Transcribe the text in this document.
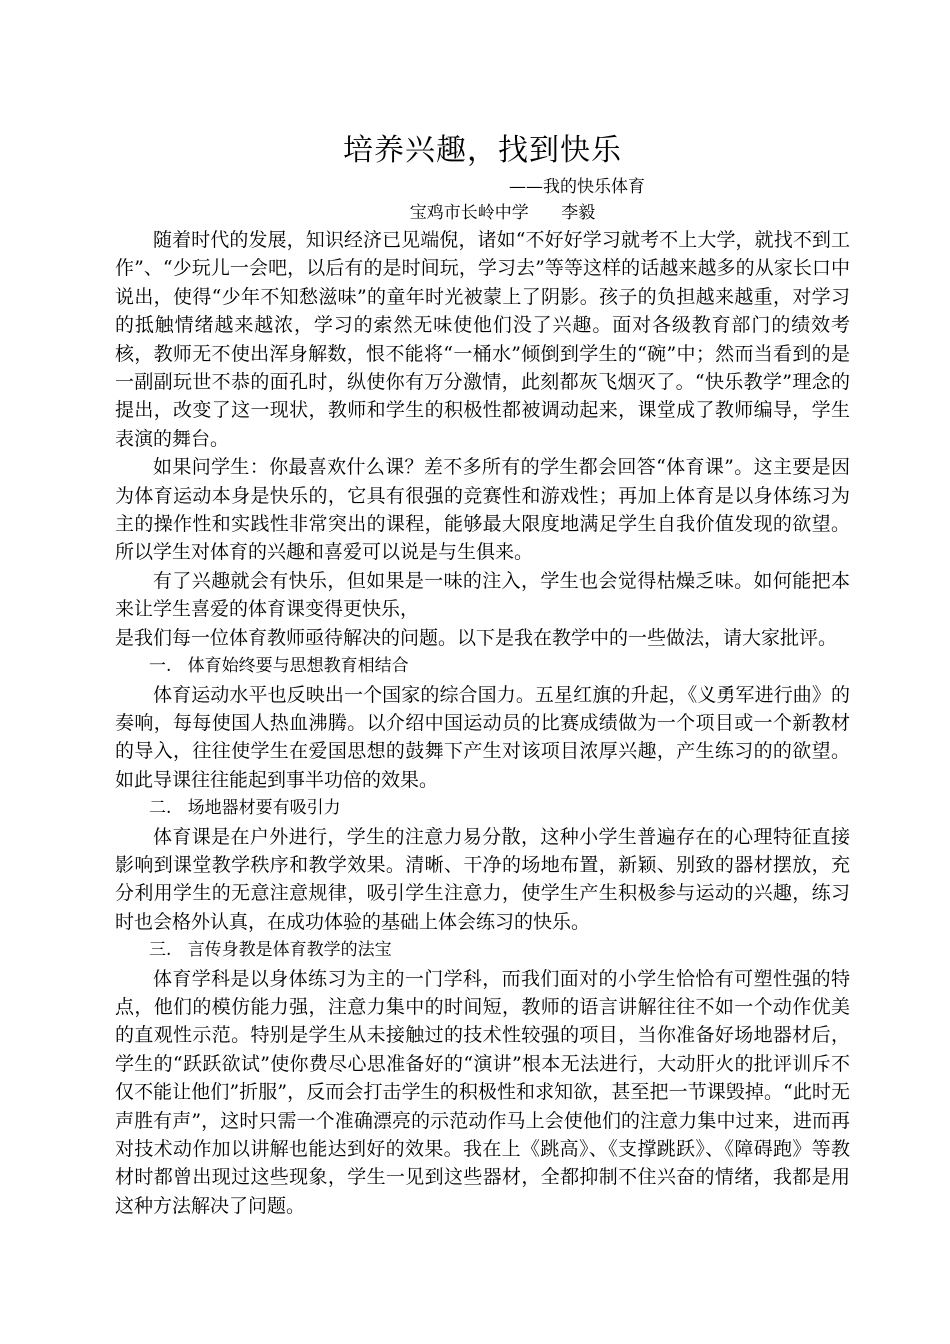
培养兴趣，找到快乐
——我的快乐体育
宝鸡市长岭中学      李毅

随着时代的发展，知识经济已见端倪，诸如“不好好学习就考不上大学，就找不到工作”、“少玩儿一会吧，以后有的是时间玩，学习去”等等这样的话越来越多的从家长口中说出，使得“少年不知愁滋味”的童年时光被蒙上了阴影。孩子的负担越来越重，对学习的抵触情绪越来越浓，学习的索然无味使他们没了兴趣。面对各级教育部门的绩效考核，教师无不使出浑身解数，恨不能将“一桶水”倾倒到学生的“碗”中；然而当看到的是一副副玩世不恭的面孔时，纵使你有万分激情，此刻都灰飞烟灭了。“快乐教学”理念的提出，改变了这一现状，教师和学生的积极性都被调动起来，课堂成了教师编导，学生表演的舞台。

如果问学生：你最喜欢什么课？差不多所有的学生都会回答“体育课”。这主要是因为体育运动本身是快乐的，它具有很强的竞赛性和游戏性；再加上体育是以身体练习为主的操作性和实践性非常突出的课程，能够最大限度地满足学生自我价值发现的欲望。所以学生对体育的兴趣和喜爱可以说是与生俱来。

有了兴趣就会有快乐，但如果是一味的注入，学生也会觉得枯燥乏味。如何能把本来让学生喜爱的体育课变得更快乐，

是我们每一位体育教师亟待解决的问题。以下是我在教学中的一些做法，请大家批评。

一.   体育始终要与思想教育相结合

体育运动水平也反映出一个国家的综合国力。五星红旗的升起，《义勇军进行曲》的奏响，每每使国人热血沸腾。以介绍中国运动员的比赛成绩做为一个项目或一个新教材的导入，往往使学生在爱国思想的鼓舞下产生对该项目浓厚兴趣，产生练习的的欲望。如此导课往往能起到事半功倍的效果。

二.   场地器材要有吸引力

体育课是在户外进行，学生的注意力易分散，这种小学生普遍存在的心理特征直接影响到课堂教学秩序和教学效果。清晰、干净的场地布置，新颖、别致的器材摆放，充分利用学生的无意注意规律，吸引学生注意力，使学生产生积极参与运动的兴趣，练习时也会格外认真，在成功体验的基础上体会练习的快乐。

三.   言传身教是体育教学的法宝

体育学科是以身体练习为主的一门学科，而我们面对的小学生恰恰有可塑性强的特点，他们的模仿能力强，注意力集中的时间短，教师的语言讲解往往不如一个动作优美的直观性示范。特别是学生从未接触过的技术性较强的项目，当你准备好场地器材后，学生的“跃跃欲试”使你费尽心思准备好的“演讲”根本无法进行，大动肝火的批评训斥不仅不能让他们”折服”，反而会打击学生的积极性和求知欲，甚至把一节课毁掉。“此时无声胜有声”，这时只需一个准确漂亮的示范动作马上会使他们的注意力集中过来，进而再对技术动作加以讲解也能达到好的效果。我在上《跳高》、《支撑跳跃》、《障碍跑》等教材时都曾出现过这些现象，学生一见到这些器材，全都抑制不住兴奋的情绪，我都是用这种方法解决了问题。
